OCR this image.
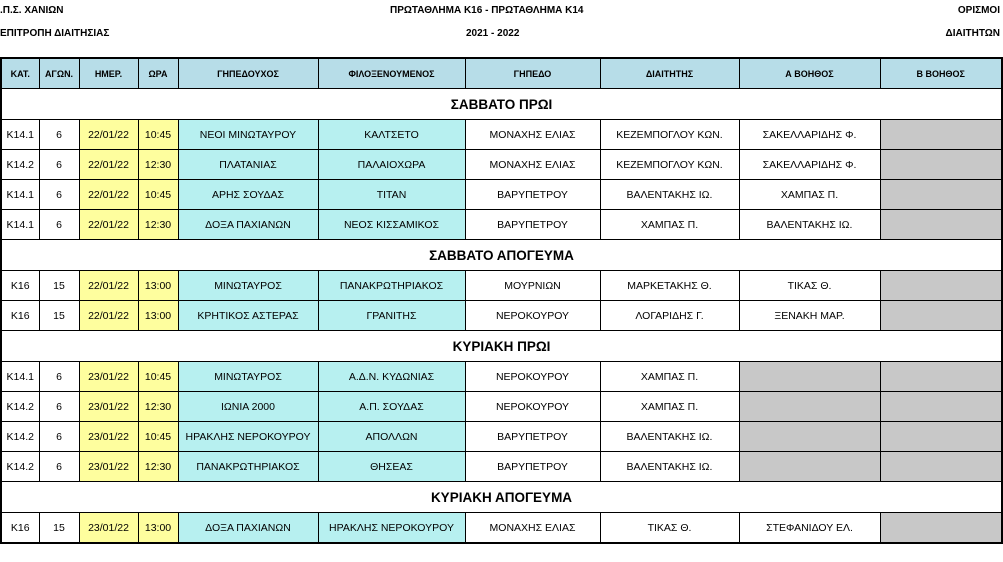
.Π.Σ. ΧΑΝΙΩΝ
ΕΠΙΤΡΟΠΗ ΔΙΑΙΤΗΣΙΑΣ
ΠΡΩΤΑΘΛΗΜΑ Κ16 - ΠΡΩΤΑΘΛΗΜΑ Κ14
2021 - 2022
ΟΡΙΣΜΟΙ
ΔΙΑΙΤΗΤΩΝ
ΚΑΤ.	ΑΓΩΝ.	ΗΜΕΡ.	ΩΡΑ	ΓΗΠΕΔΟΥΧΟΣ	ΦΙΛΟΞΕΝΟΥΜΕΝΟΣ	ΓΗΠΕΔΟ	ΔΙΑΙΤΗΤΗΣ	Α ΒΟΗΘΟΣ	Β ΒΟΗΘΟΣ
ΣΑΒΒΑΤΟ ΠΡΩΙ									
Κ14.1	6	22/01/22	10:45	ΝΕΟΙ ΜΙΝΩΤΑΥΡΟΥ	ΚΑΛΤΣΕΤΟ	ΜΟΝΑΧΗΣ ΕΛΙΑΣ	ΚΕΖΕΜΠΟΓΛΟΥ ΚΩΝ.	ΣΑΚΕΛΛΑΡΙΔΗΣ Φ.	
Κ14.2	6	22/01/22	12:30	ΠΛΑΤΑΝΙΑΣ	ΠΑΛΑΙΟΧΩΡΑ	ΜΟΝΑΧΗΣ ΕΛΙΑΣ	ΚΕΖΕΜΠΟΓΛΟΥ ΚΩΝ.	ΣΑΚΕΛΛΑΡΙΔΗΣ Φ.	
Κ14.1	6	22/01/22	10:45	ΑΡΗΣ ΣΟΥΔΑΣ	ΤΙΤΑΝ	ΒΑΡΥΠΕΤΡΟΥ	ΒΑΛΕΝΤΑΚΗΣ ΙΩ.	ΧΑΜΠΑΣ Π.	
Κ14.1	6	22/01/22	12:30	ΔΟΞΑ ΠΑΧΙΑΝΩΝ	ΝΕΟΣ ΚΙΣΣΑΜΙΚΟΣ	ΒΑΡΥΠΕΤΡΟΥ	ΧΑΜΠΑΣ Π.	ΒΑΛΕΝΤΑΚΗΣ ΙΩ.	
ΣΑΒΒΑΤΟ ΑΠΟΓΕΥΜΑ									
Κ16	15	22/01/22	13:00	ΜΙΝΩΤΑΥΡΟΣ	ΠΑΝΑΚΡΩΤΗΡΙΑΚΟΣ	ΜΟΥΡΝΙΩΝ	ΜΑΡΚΕΤΑΚΗΣ Θ.	ΤΙΚΑΣ Θ.	
Κ16	15	22/01/22	13:00	ΚΡΗΤΙΚΟΣ ΑΣΤΕΡΑΣ	ΓΡΑΝΙΤΗΣ	ΝΕΡΟΚΟΥΡΟΥ	ΛΟΓΑΡΙΔΗΣ Γ.	ΞΕΝΑΚΗ ΜΑΡ.	
ΚΥΡΙΑΚΗ ΠΡΩΙ									
Κ14.1	6	23/01/22	10:45	ΜΙΝΩΤΑΥΡΟΣ	Α.Δ.Ν. ΚΥΔΩΝΙΑΣ	ΝΕΡΟΚΟΥΡΟΥ	ΧΑΜΠΑΣ Π.		
Κ14.2	6	23/01/22	12:30	ΙΩΝΙΑ 2000	Α.Π. ΣΟΥΔΑΣ	ΝΕΡΟΚΟΥΡΟΥ	ΧΑΜΠΑΣ Π.		
Κ14.2	6	23/01/22	10:45	ΗΡΑΚΛΗΣ ΝΕΡΟΚΟΥΡΟΥ	ΑΠΟΛΛΩΝ	ΒΑΡΥΠΕΤΡΟΥ	ΒΑΛΕΝΤΑΚΗΣ ΙΩ.		
Κ14.2	6	23/01/22	12:30	ΠΑΝΑΚΡΩΤΗΡΙΑΚΟΣ	ΘΗΣΕΑΣ	ΒΑΡΥΠΕΤΡΟΥ	ΒΑΛΕΝΤΑΚΗΣ ΙΩ.		
ΚΥΡΙΑΚΗ ΑΠΟΓΕΥΜΑ									
Κ16	15	23/01/22	13:00	ΔΟΞΑ ΠΑΧΙΑΝΩΝ	ΗΡΑΚΛΗΣ ΝΕΡΟΚΟΥΡΟΥ	ΜΟΝΑΧΗΣ ΕΛΙΑΣ	ΤΙΚΑΣ Θ.	ΣΤΕΦΑΝΙΔΟΥ ΕΛ.	
